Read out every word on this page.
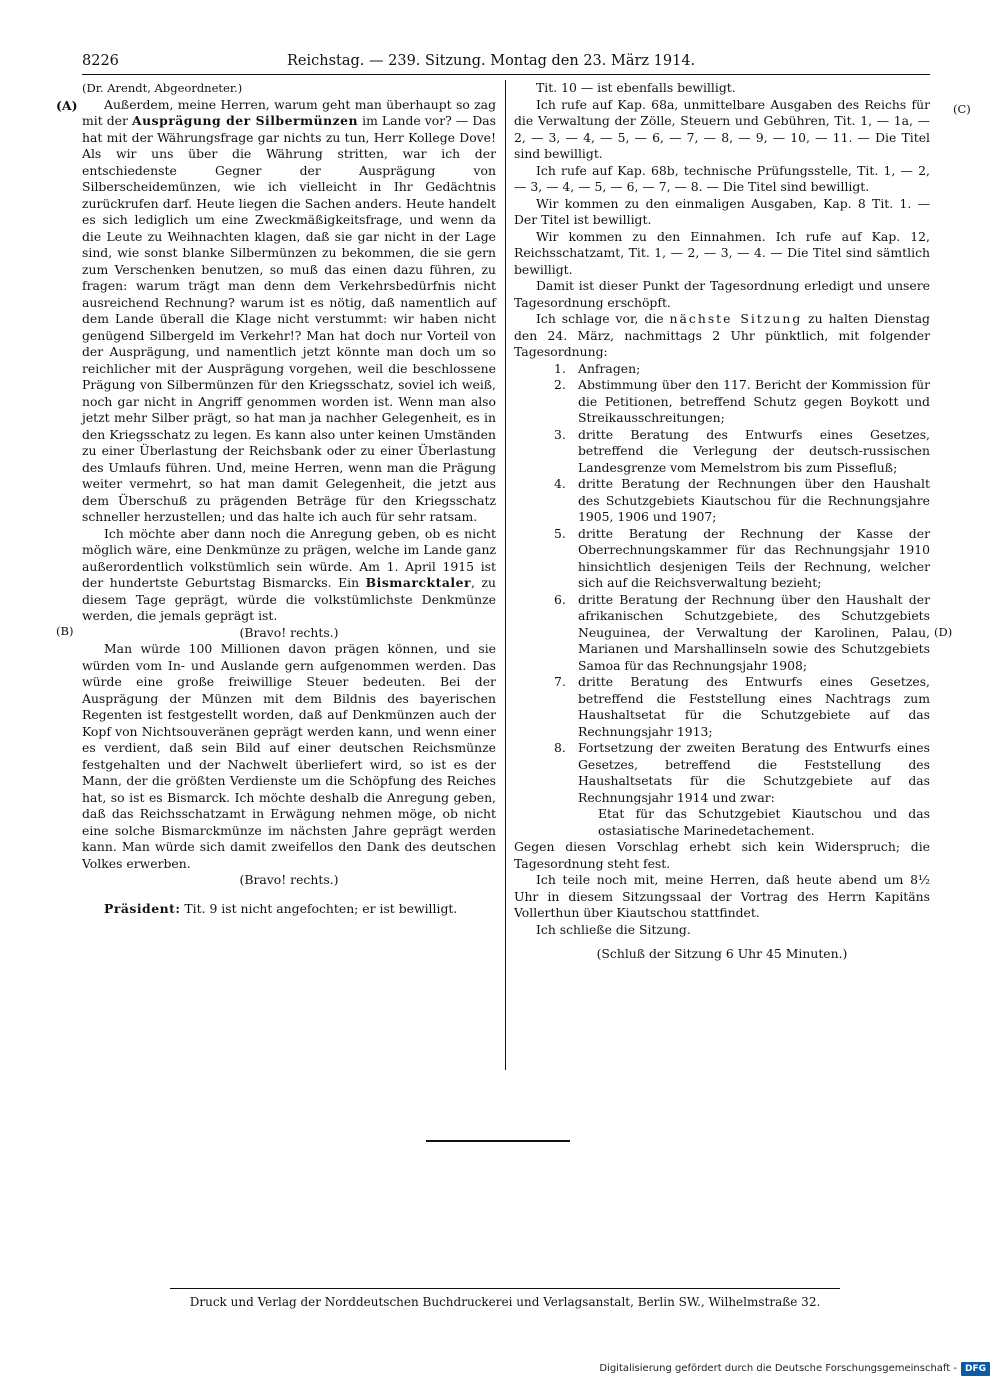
8226	Reichstag. — 239. Sitzung. Montag den 23. März 1914.
(A)
(B)
(C)
(D)

(Dr. Arendt, Abgeordneter.)

Außerdem, meine Herren, warum geht man überhaupt so zag mit der Ausprägung der Silbermünzen im Lande vor? — Das hat mit der Währungsfrage gar nichts zu tun, Herr Kollege Dove! Als wir uns über die Währung stritten, war ich der entschiedenste Gegner der Ausprägung von Silberscheidemünzen, wie ich vielleicht in Ihr Gedächtnis zurückrufen darf. Heute liegen die Sachen anders. Heute handelt es sich lediglich um eine Zweckmäßigkeitsfrage, und wenn da die Leute zu Weihnachten klagen, daß sie gar nicht in der Lage sind, wie sonst blanke Silbermünzen zu bekommen, die sie gern zum Verschenken benutzen, so muß das einen dazu führen, zu fragen: warum trägt man denn dem Verkehrsbedürfnis nicht ausreichend Rechnung? warum ist es nötig, daß namentlich auf dem Lande überall die Klage nicht verstummt: wir haben nicht genügend Silbergeld im Verkehr!? Man hat doch nur Vorteil von der Ausprägung, und namentlich jetzt könnte man doch um so reichlicher mit der Ausprägung vorgehen, weil die beschlossene Prägung von Silbermünzen für den Kriegsschatz, soviel ich weiß, noch gar nicht in Angriff genommen worden ist. Wenn man also jetzt mehr Silber prägt, so hat man ja nachher Gelegenheit, es in den Kriegsschatz zu legen. Es kann also unter keinen Umständen zu einer Überlastung der Reichsbank oder zu einer Überlastung des Umlaufs führen. Und, meine Herren, wenn man die Prägung weiter vermehrt, so hat man damit Gelegenheit, die jetzt aus dem Überschuß zu prägenden Beträge für den Kriegsschatz schneller herzustellen; und das halte ich auch für sehr ratsam.

Ich möchte aber dann noch die Anregung geben, ob es nicht möglich wäre, eine Denkmünze zu prägen, welche im Lande ganz außerordentlich volkstümlich sein würde. Am 1. April 1915 ist der hundertste Geburtstag Bismarcks. Ein Bismarcktaler, zu diesem Tage geprägt, würde die volkstümlichste Denkmünze werden, die jemals geprägt ist.

(Bravo! rechts.)

Man würde 100 Millionen davon prägen können, und sie würden vom In- und Auslande gern aufgenommen werden. Das würde eine große freiwillige Steuer bedeuten. Bei der Ausprägung der Münzen mit dem Bildnis des bayerischen Regenten ist festgestellt worden, daß auf Denkmünzen auch der Kopf von Nichtsouveränen geprägt werden kann, und wenn einer es verdient, daß sein Bild auf einer deutschen Reichsmünze festgehalten und der Nachwelt überliefert wird, so ist es der Mann, der die größten Verdienste um die Schöpfung des Reiches hat, so ist es Bismarck. Ich möchte deshalb die Anregung geben, daß das Reichsschatzamt in Erwägung nehmen möge, ob nicht eine solche Bismarckmünze im nächsten Jahre geprägt werden kann. Man würde sich damit zweifellos den Dank des deutschen Volkes erwerben.

(Bravo! rechts.)

Präsident: Tit. 9 ist nicht angefochten; er ist bewilligt.

Tit. 10 — ist ebenfalls bewilligt.

Ich rufe auf Kap. 68a, unmittelbare Ausgaben des Reichs für die Verwaltung der Zölle, Steuern und Gebühren, Tit. 1, — 1a, — 2, — 3, — 4, — 5, — 6, — 7, — 8, — 9, — 10, — 11. — Die Titel sind bewilligt.

Ich rufe auf Kap. 68b, technische Prüfungsstelle, Tit. 1, — 2, — 3, — 4, — 5, — 6, — 7, — 8. — Die Titel sind bewilligt.

Wir kommen zu den einmaligen Ausgaben, Kap. 8 Tit. 1. — Der Titel ist bewilligt.

Wir kommen zu den Einnahmen. Ich rufe auf Kap. 12, Reichsschatzamt, Tit. 1, — 2, — 3, — 4. — Die Titel sind sämtlich bewilligt.

Damit ist dieser Punkt der Tagesordnung erledigt und unsere Tagesordnung erschöpft.

Ich schlage vor, die nächste Sitzung zu halten Dienstag den 24. März, nachmittags 2 Uhr pünktlich, mit folgender Tagesordnung:

1. Anfragen;
2. Abstimmung über den 117. Bericht der Kommission für die Petitionen, betreffend Schutz gegen Boykott und Streikausschreitungen;
3. dritte Beratung des Entwurfs eines Gesetzes, betreffend die Verlegung der deutsch-russischen Landesgrenze vom Memelstrom bis zum Pissefluß;
4. dritte Beratung der Rechnungen über den Haushalt des Schutzgebiets Kiautschou für die Rechnungsjahre 1905, 1906 und 1907;
5. dritte Beratung der Rechnung der Kasse der Oberrechnungskammer für das Rechnungsjahr 1910 hinsichtlich desjenigen Teils der Rechnung, welcher sich auf die Reichsverwaltung bezieht;
6. dritte Beratung der Rechnung über den Haushalt der afrikanischen Schutzgebiete, des Schutzgebiets Neuguinea, der Verwaltung der Karolinen, Palau, Marianen und Marshallinseln sowie des Schutzgebiets Samoa für das Rechnungsjahr 1908;
7. dritte Beratung des Entwurfs eines Gesetzes, betreffend die Feststellung eines Nachtrags zum Haushaltsetat für die Schutzgebiete auf das Rechnungsjahr 1913;
8. Fortsetzung der zweiten Beratung des Entwurfs eines Gesetzes, betreffend die Feststellung des Haushaltsetats für die Schutzgebiete auf das Rechnungsjahr 1914 und zwar:

Etat für das Schutzgebiet Kiautschou und das ostasiatische Marinedetachement.

Gegen diesen Vorschlag erhebt sich kein Widerspruch; die Tagesordnung steht fest.

Ich teile noch mit, meine Herren, daß heute abend um 8½ Uhr in diesem Sitzungssaal der Vortrag des Herrn Kapitäns Vollerthun über Kiautschou stattfindet.

Ich schließe die Sitzung.

(Schluß der Sitzung 6 Uhr 45 Minuten.)

Druck und Verlag der Norddeutschen Buchdruckerei und Verlagsanstalt, Berlin SW., Wilhelmstraße 32.
Digitalisierung gefördert durch die Deutsche Forschungsgemeinschaft - DFG
